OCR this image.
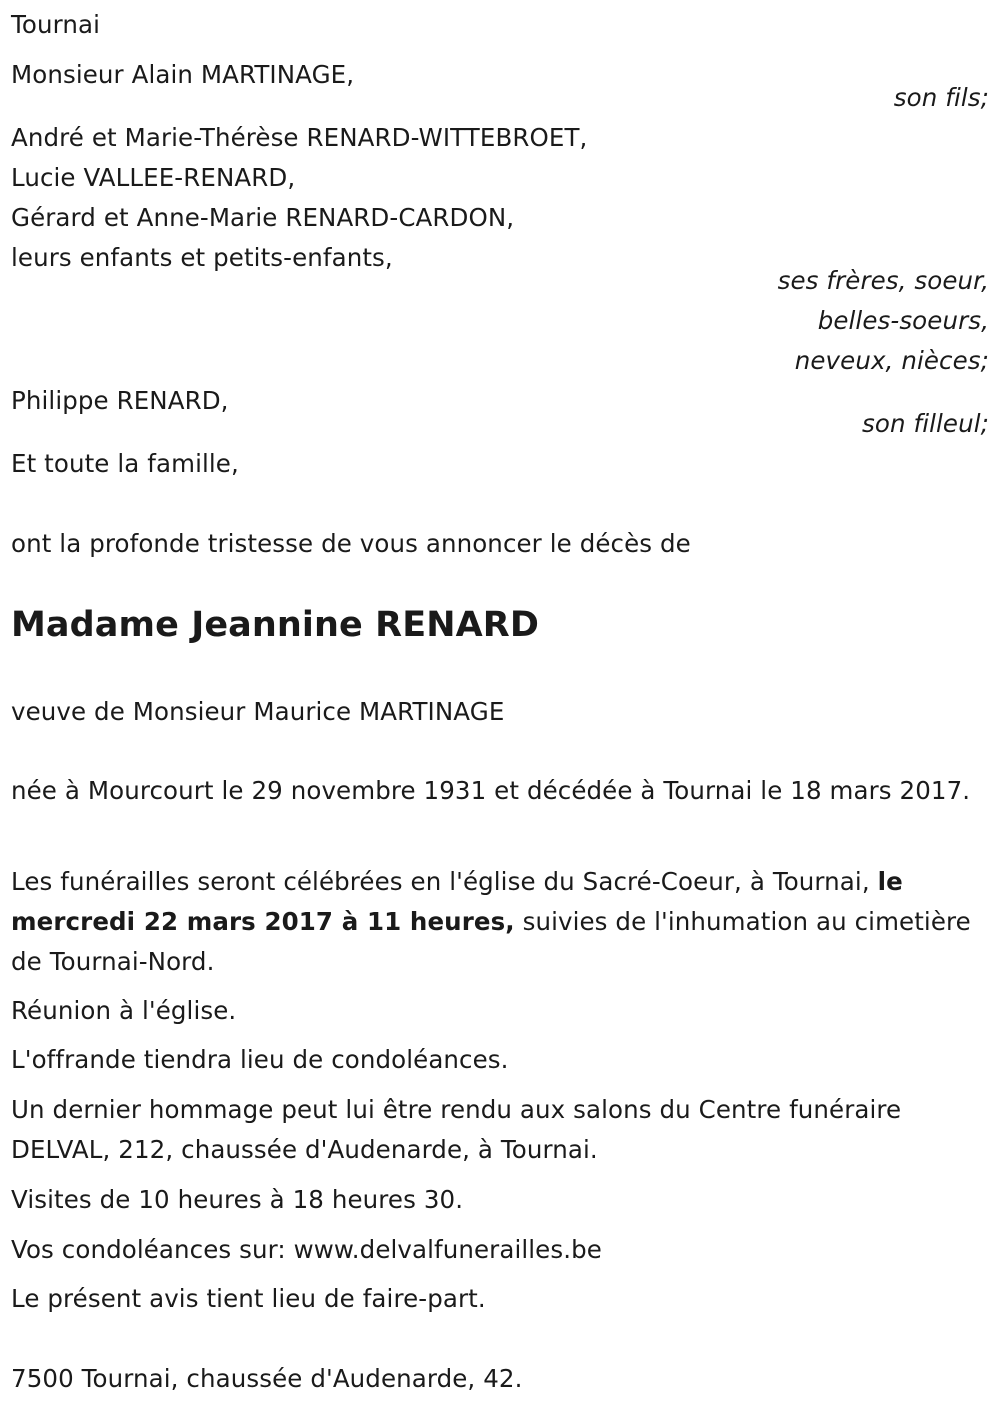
Tournai
Monsieur Alain MARTINAGE,
son fils;
André et Marie-Thérèse RENARD-WITTEBROET,
Lucie VALLEE-RENARD,
Gérard et Anne-Marie RENARD-CARDON,
leurs enfants et petits-enfants,
ses frères, soeur,
belles-soeurs,
neveux, nièces;
Philippe RENARD,
son filleul;
Et toute la famille,
ont la profonde tristesse de vous annoncer le décès de
Madame Jeannine RENARD
veuve de Monsieur Maurice MARTINAGE
née à Mourcourt le 29 novembre 1931 et décédée à Tournai le 18 mars 2017.
Les funérailles seront célébrées en l'église du Sacré-Coeur, à Tournai, le mercredi 22 mars 2017 à 11 heures, suivies de l'inhumation au cimetière de Tournai-Nord.
Réunion à l'église.
L'offrande tiendra lieu de condoléances.
Un dernier hommage peut lui être rendu aux salons du Centre funéraire DELVAL, 212, chaussée d'Audenarde, à Tournai.
Visites de 10 heures à 18 heures 30.
Vos condoléances sur: www.delvalfunerailles.be
Le présent avis tient lieu de faire-part.
7500 Tournai, chaussée d'Audenarde, 42.
